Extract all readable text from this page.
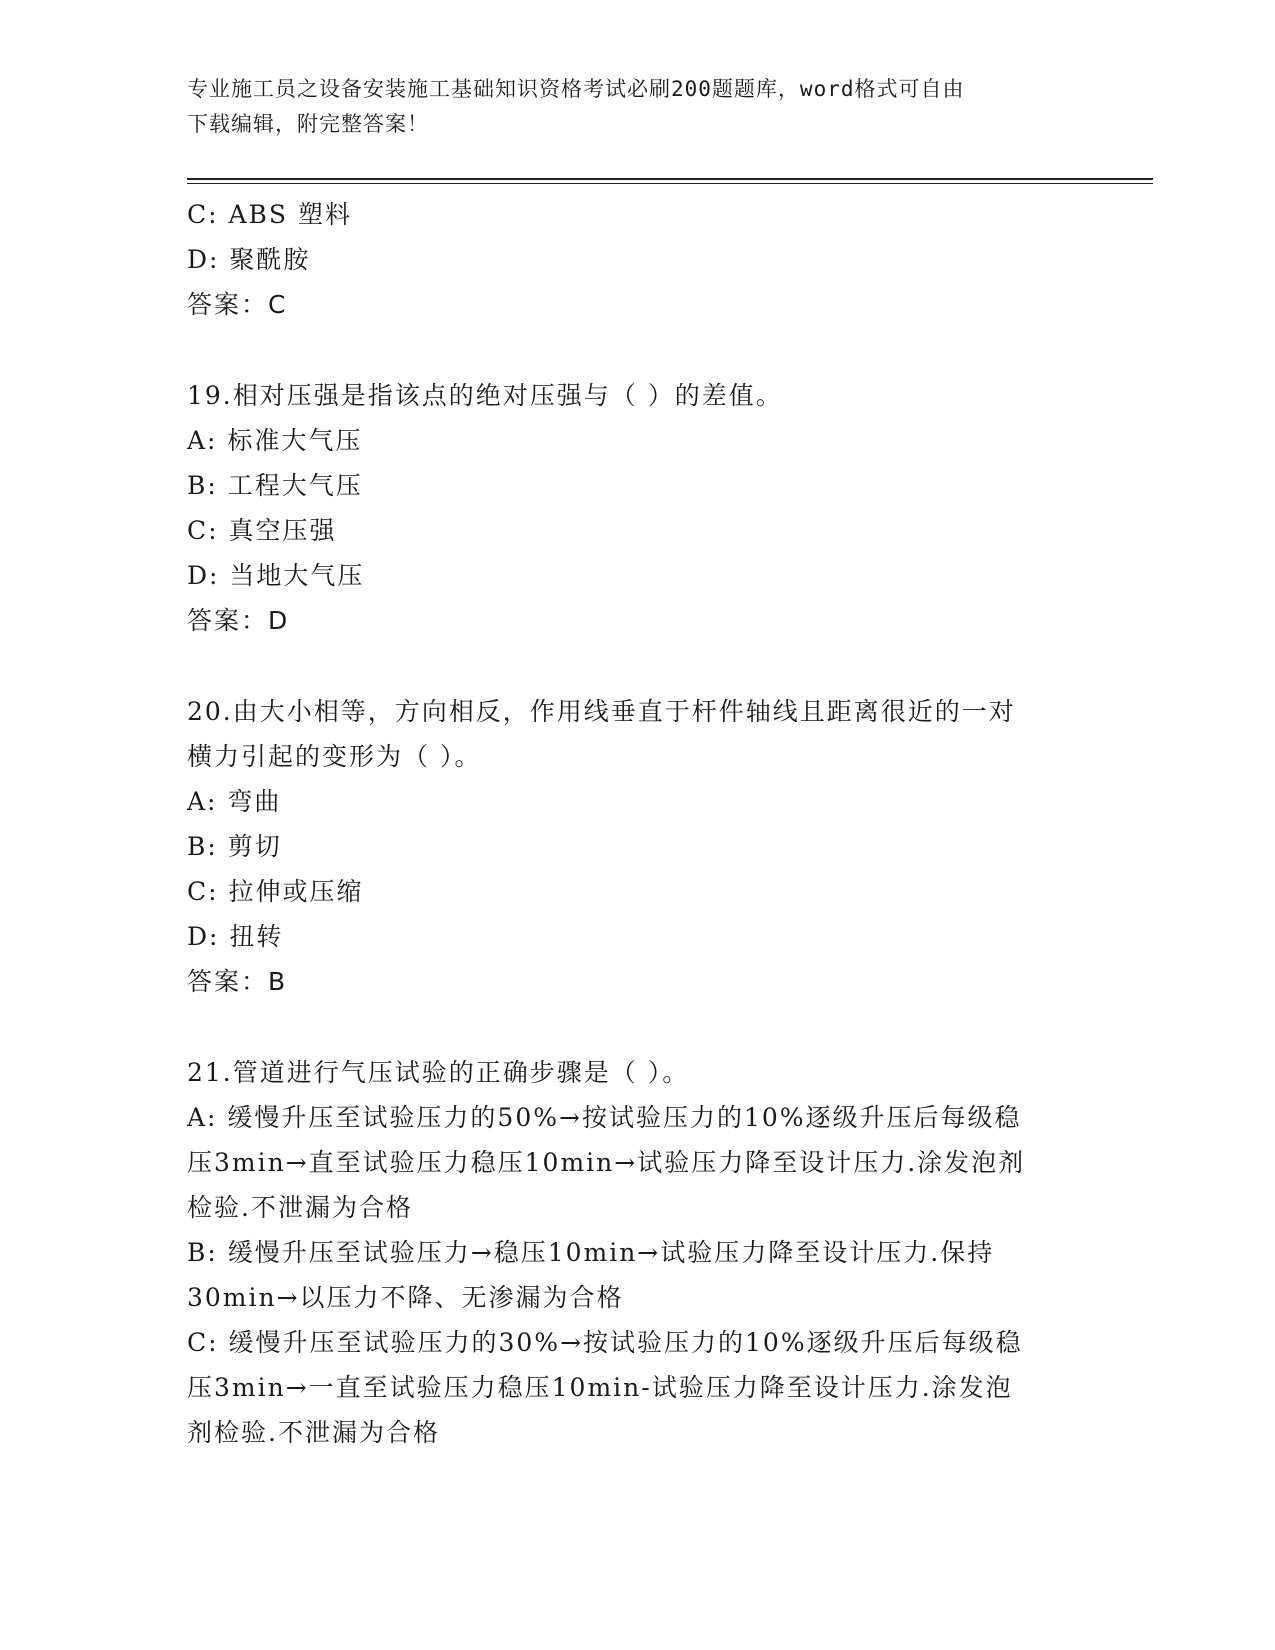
专业施工员之设备安装施工基础知识资格考试必刷200题题库，word格式可自由
下载编辑，附完整答案！
C: ABS 塑料
D: 聚酰胺
答案：C
19.相对压强是指该点的绝对压强与（ ）的差值。
A: 标准大气压
B: 工程大气压
C: 真空压强
D: 当地大气压
答案：D
20.由大小相等，方向相反，作用线垂直于杆件轴线且距离很近的一对
横力引起的变形为（ ）。
A: 弯曲
B: 剪切
C: 拉伸或压缩
D: 扭转
答案：B
21.管道进行气压试验的正确步骤是（ ）。
A: 缓慢升压至试验压力的50%→按试验压力的10%逐级升压后每级稳
压3min→直至试验压力稳压10min→试验压力降至设计压力.涂发泡剂
检验.不泄漏为合格
B: 缓慢升压至试验压力→稳压10min→试验压力降至设计压力.保持
30min→以压力不降、无渗漏为合格
C: 缓慢升压至试验压力的30%→按试验压力的10%逐级升压后每级稳
压3min→一直至试验压力稳压10min-试验压力降至设计压力.涂发泡
剂检验.不泄漏为合格
